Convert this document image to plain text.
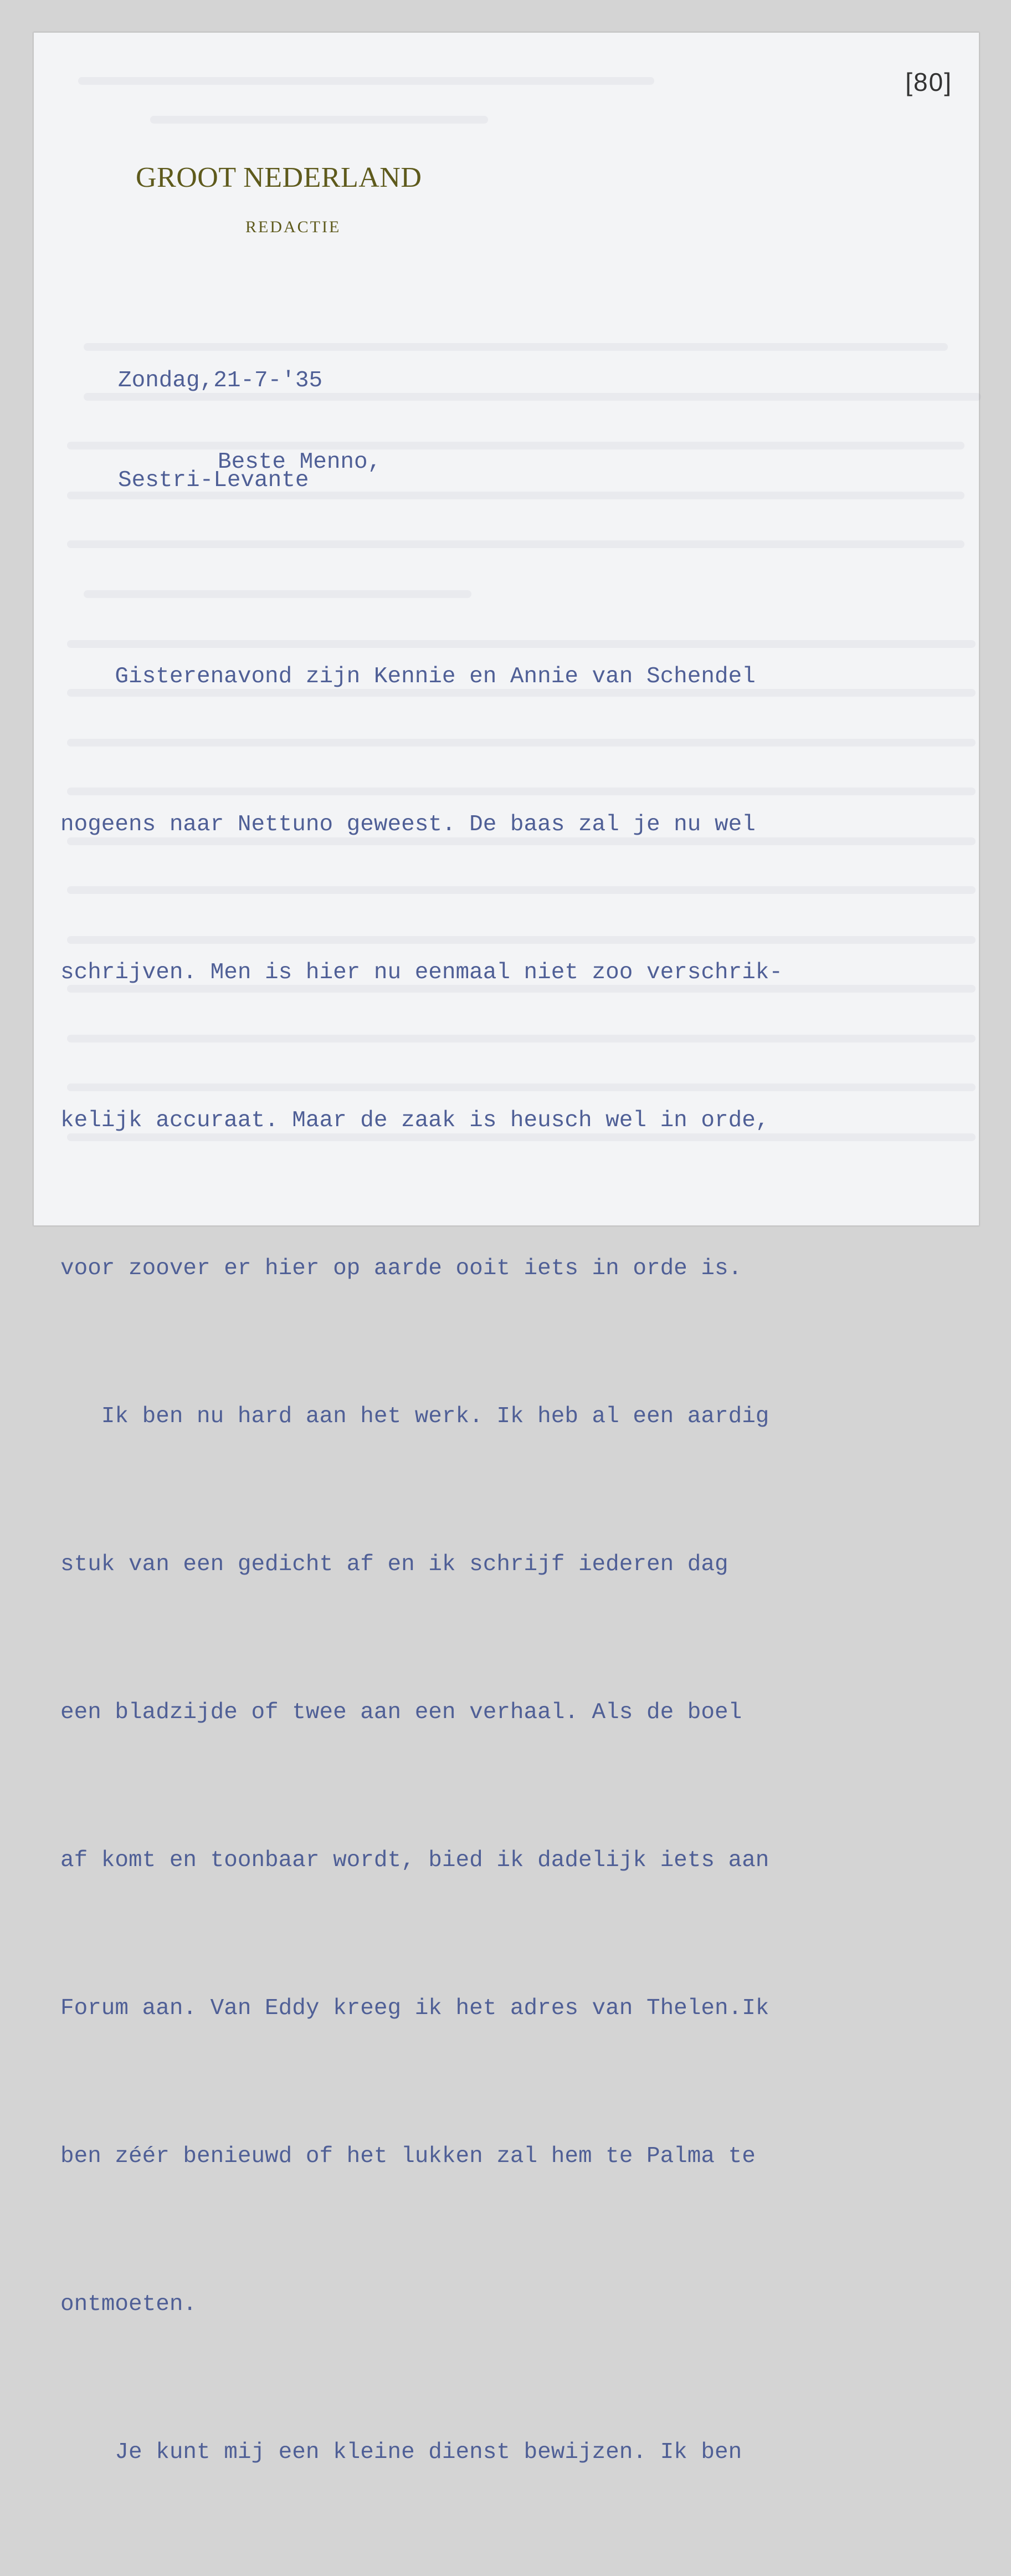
[80]
GROOT NEDERLAND
REDACTIE

Zondag,21-7-'35

Sestri-Levante

Beste Menno,

Gisterenavond zijn Kennie en Annie van Schendel

nogeens naar Nettuno geweest. De baas zal je nu wel

schrijven. Men is hier nu eenmaal niet zoo verschrik-

kelijk accuraat. Maar de zaak is heusch wel in orde,

voor zoover er hier op aarde ooit iets in orde is.

Ik ben nu hard aan het werk. Ik heb al een aardig

stuk van een gedicht af en ik schrijf iederen dag

een bladzijde of twee aan een verhaal. Als de boel

af komt en toonbaar wordt, bied ik dadelijk iets aan

Forum aan. Van Eddy kreeg ik het adres van Thelen.Ik

ben zéér benieuwd of het lukken zal hem te Palma te

ontmoeten.

Je kunt mij een kleine dienst bewijzen. Ik ben
